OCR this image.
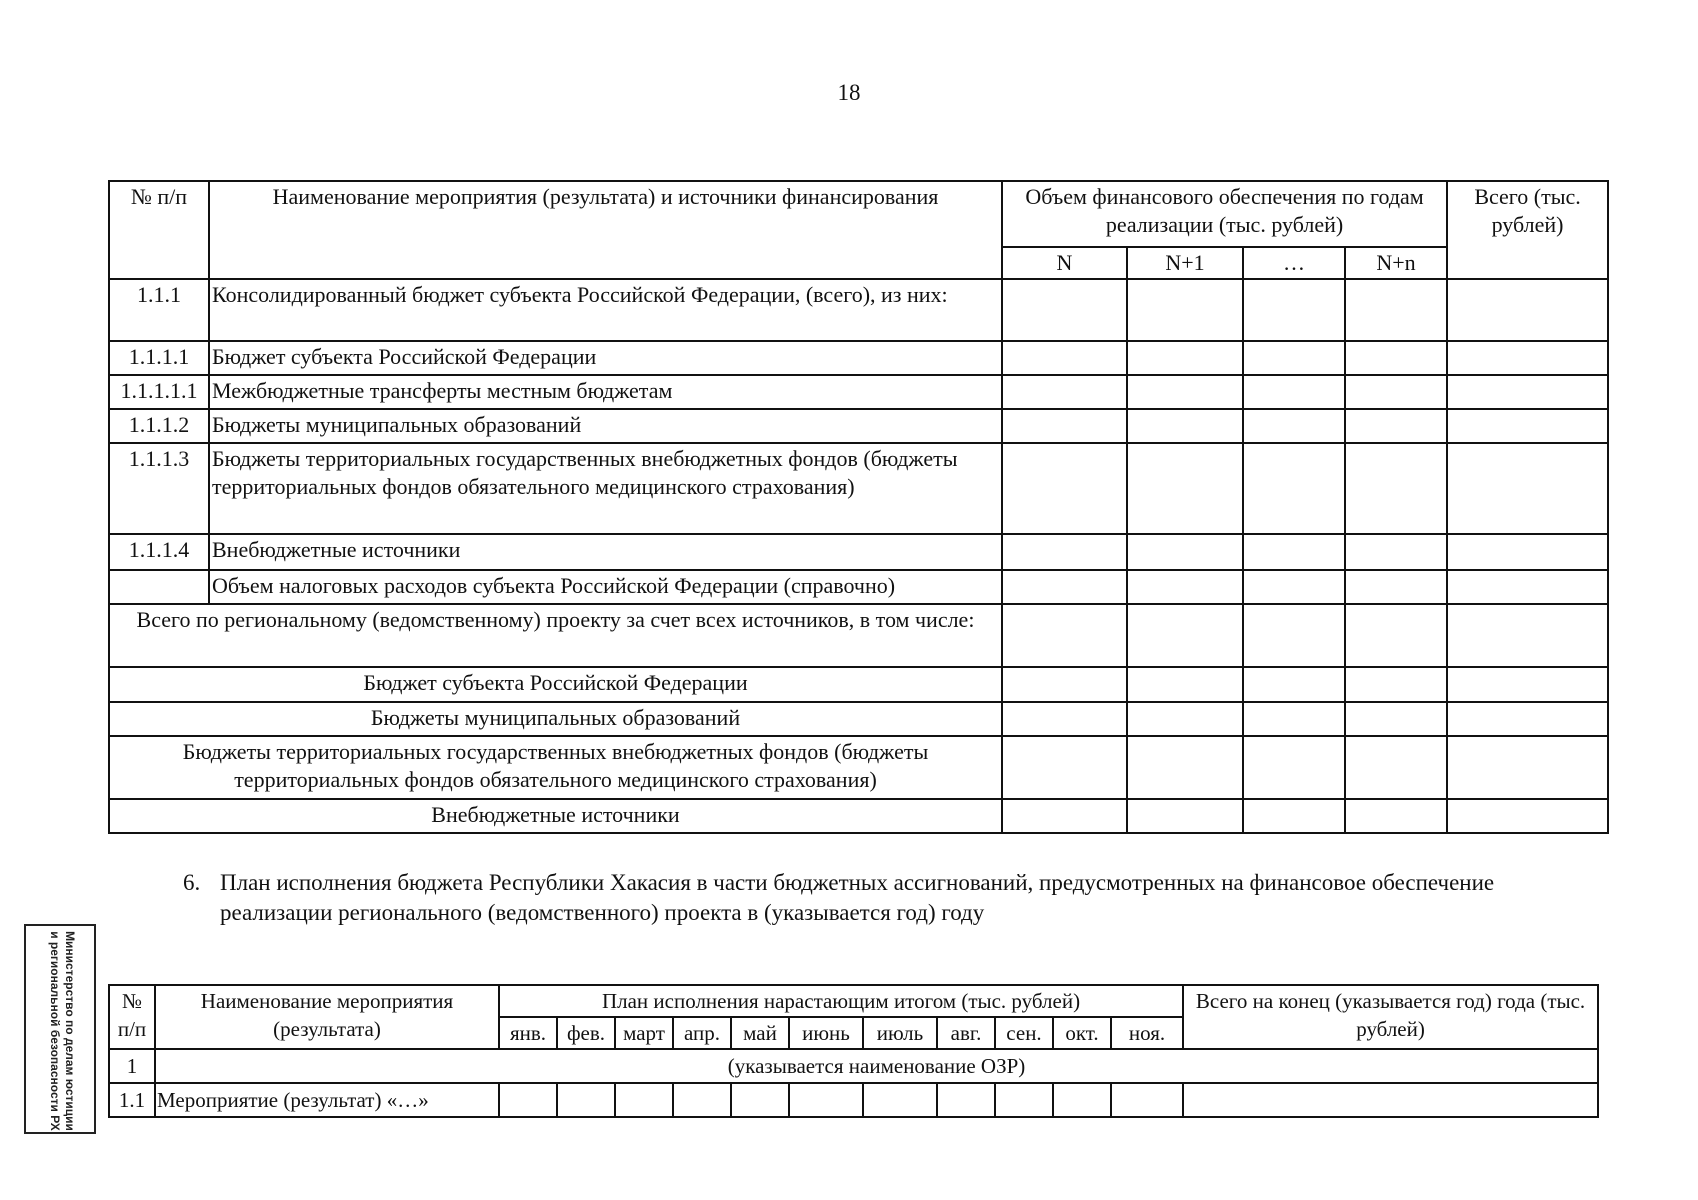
18
№ п/п	Наименование мероприятия (результата) и источники финансирования	Объем финансового обеспечения по годам реализации (тыс. рублей)				Всего (тыс. рублей)
		N	N+1	…	N+n	
1.1.1	Консолидированный бюджет субъекта Российской Федерации, (всего), из них:					
1.1.1.1	Бюджет субъекта Российской Федерации					
1.1.1.1.1	Межбюджетные трансферты местным бюджетам					
1.1.1.2	Бюджеты муниципальных образований					
1.1.1.3	Бюджеты территориальных государственных внебюджетных фондов (бюджеты территориальных фондов обязательного медицинского страхования)					
1.1.1.4	Внебюджетные источники					
	Объем налоговых расходов субъекта Российской Федерации (справочно)					
Всего по региональному (ведомственному) проекту за счет всех источников, в том числе:						
Бюджет субъекта Российской Федерации						
Бюджеты муниципальных образований						
Бюджеты территориальных государственных внебюджетных фондов (бюджеты территориальных фондов обязательного медицинского страхования)						
Внебюджетные источники						
6. План исполнения бюджета Республики Хакасия в части бюджетных ассигнований, предусмотренных на финансовое обеспечение реализации регионального (ведомственного) проекта в (указывается год) году
Министерство по делам юстиции и региональной безопасности РХ	№ п/п	Наименование мероприятия (результата)	План исполнения нарастающим итогом (тыс. рублей)											Всего на конец (указывается год) года (тыс. рублей)
		янв.	фев.	март	апр.	май	июнь	июль	авг.	сен.	окт.	ноя.	
1	(указывается наименование ОЗР)												
1.1	Мероприятие (результат) «…»												
